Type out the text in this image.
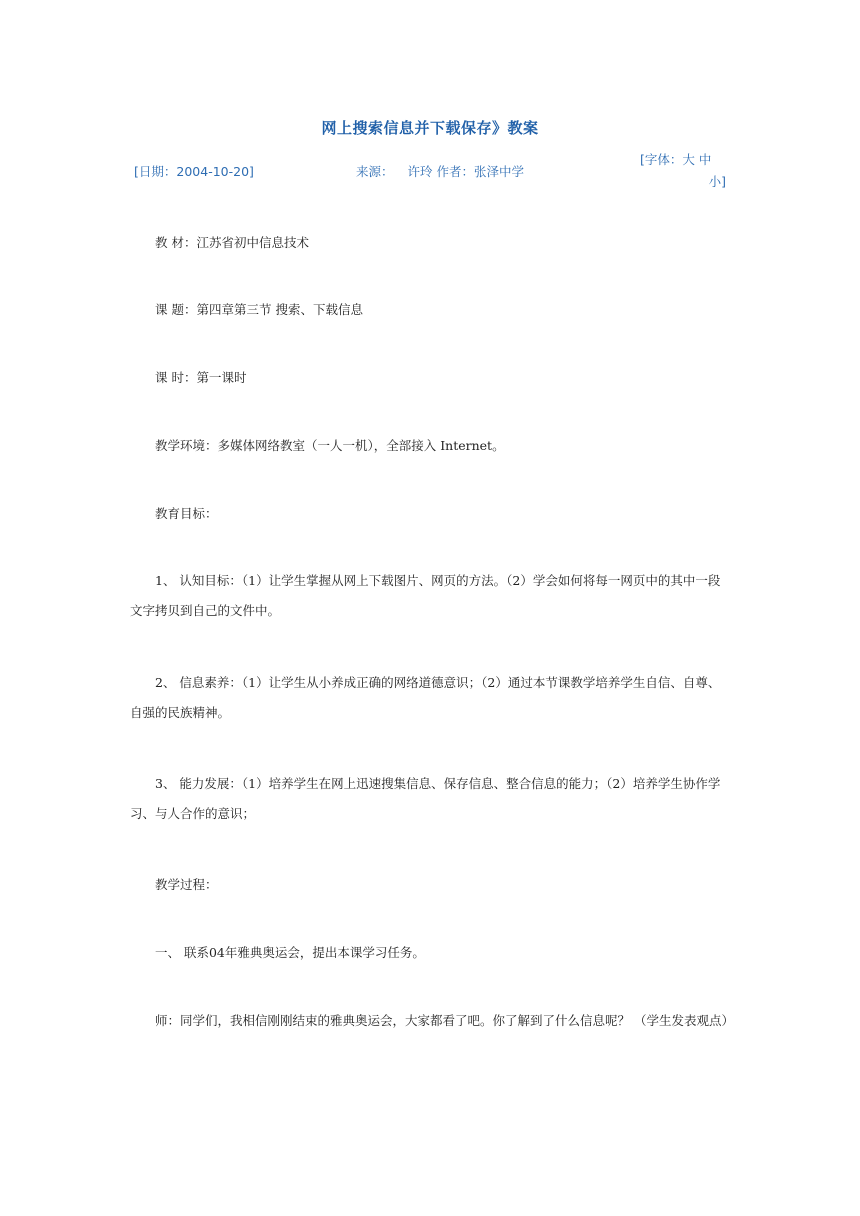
网上搜索信息并下载保存》教案
[日期：2004-10-20]	来源： 许玲 作者：张泽中学
[字体：大 中
小]
教 材：江苏省初中信息技术
课 题：第四章第三节 搜索、下载信息
课 时：第一课时
教学环境：多媒体网络教室（一人一机），全部接入 Internet。
教育目标：
1、 认知目标：（1）让学生掌握从网上下载图片、网页的方法。（2）学会如何将每一网页中的其中一段文字拷贝到自己的文件中。
2、 信息素养：（1）让学生从小养成正确的网络道德意识；（2）通过本节课教学培养学生自信、自尊、自强的民族精神。
3、 能力发展：（1）培养学生在网上迅速搜集信息、保存信息、整合信息的能力；（2）培养学生协作学习、与人合作的意识；
教学过程：
一、 联系04年雅典奥运会，提出本课学习任务。
师：同学们，我相信刚刚结束的雅典奥运会，大家都看了吧。你了解到了什么信息呢？ （学生发表观点）
